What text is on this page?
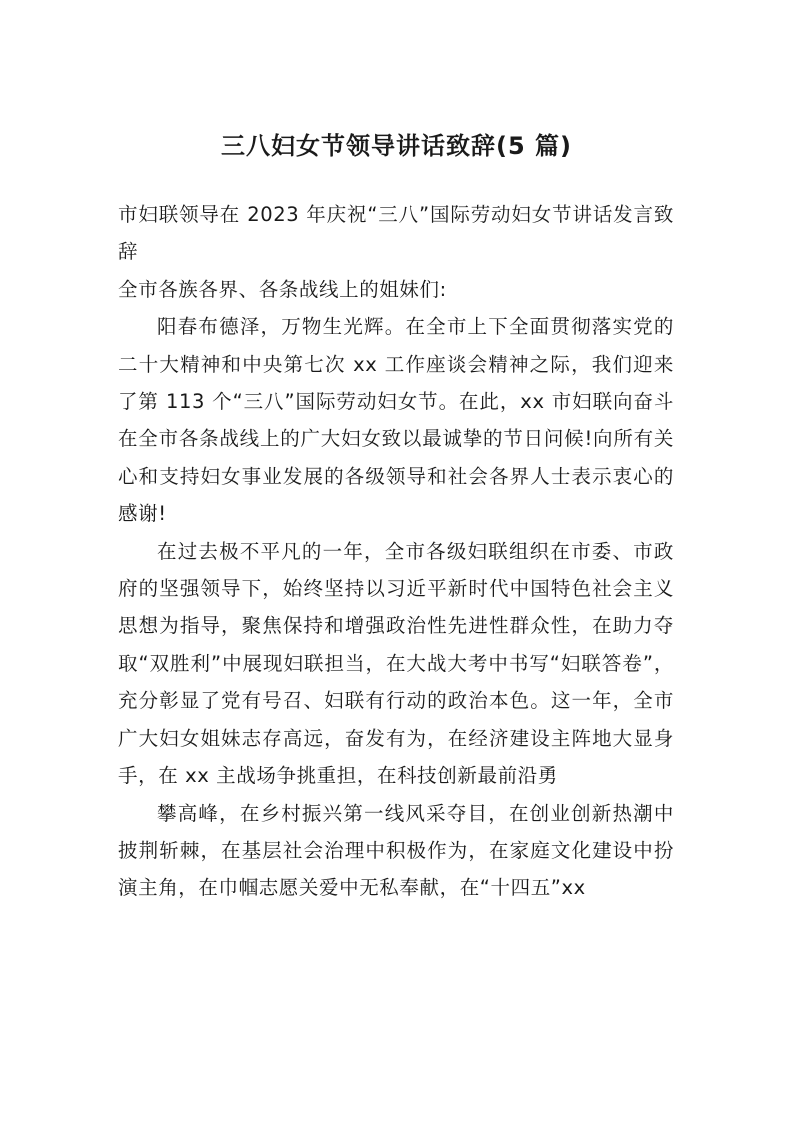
三八妇女节领导讲话致辞(5 篇)

市妇联领导在 2023 年庆祝“三八”国际劳动妇女节讲话发言致辞

全市各族各界、各条战线上的姐妹们:

阳春布德泽，万物生光辉。在全市上下全面贯彻落实党的二十大精神和中央第七次 xx 工作座谈会精神之际，我们迎来了第 113 个“三八”国际劳动妇女节。在此，xx 市妇联向奋斗在全市各条战线上的广大妇女致以最诚挚的节日问候!向所有关心和支持妇女事业发展的各级领导和社会各界人士表示衷心的感谢!

在过去极不平凡的一年，全市各级妇联组织在市委、市政府的坚强领导下，始终坚持以习近平新时代中国特色社会主义思想为指导，聚焦保持和增强政治性先进性群众性，在助力夺取“双胜利”中展现妇联担当，在大战大考中书写“妇联答卷”，充分彰显了党有号召、妇联有行动的政治本色。这一年，全市广大妇女姐妹志存高远，奋发有为，在经济建设主阵地大显身手，在 xx 主战场争挑重担，在科技创新最前沿勇

攀高峰，在乡村振兴第一线风采夺目，在创业创新热潮中披荆斩棘，在基层社会治理中积极作为，在家庭文化建设中扮演主角，在巾帼志愿关爱中无私奉献，在“十四五”xx
